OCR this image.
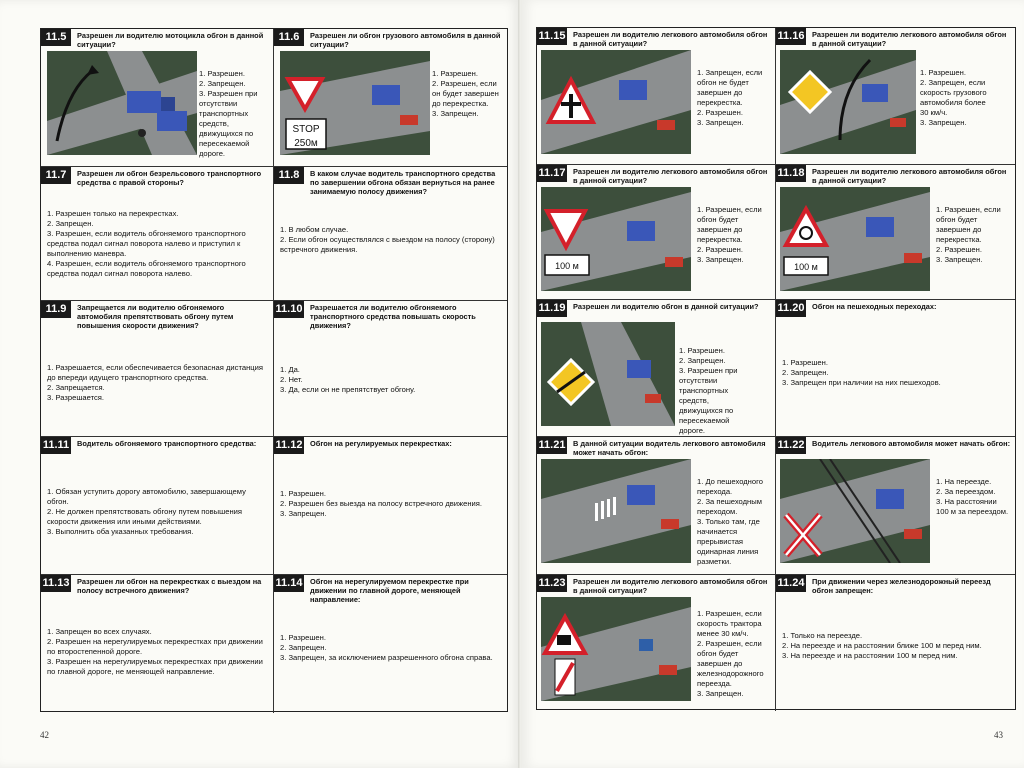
11.5	Разрешен ли водителю мотоцикла обгон в данной ситуации?
1. Разрешен.
2. Запрещен.
3. Разрешен при отсутствии транспортных средств, движущихся по пересекаемой дороге.
11.6	Разрешен ли обгон грузового автомобиля в данной ситуации?
STOP
250м
1. Разрешен.
2. Разрешен, если он будет завершен до перекрестка.
3. Запрещен.
11.7	Разрешен ли обгон безрельсового транспортного средства с правой стороны?
1. Разрешен только на перекрестках.
2. Запрещен.
3. Разрешен, если водитель обгоняемого транспортного средства подал сигнал поворота налево и приступил к выполнению маневра.
4. Разрешен, если водитель обгоняемого транспортного средства подал сигнал поворота налево.
11.8	В каком случае водитель транспортного средства по завершении обгона обязан вернуться на ранее занимаемую полосу движения?
1. В любом случае.
2. Если обгон осуществлялся с выездом на полосу (сторону) встречного движения.
11.9	Запрещается ли водителю обгоняемого автомобиля препятствовать обгону путем повышения скорости движения?
1. Разрешается, если обеспечивается безопасная дистанция до впереди идущего транспортного средства.
2. Запрещается.
3. Разрешается.
11.10 Разрешается ли водителю обгоняемого транспортного средства повышать скорость движения?
1. Да.
2. Нет.
3. Да, если он не препятствует обгону.
11.11 Водитель обгоняемого транспортного средства:
1. Обязан уступить дорогу автомобилю, завершающему обгон.
2. Не должен препятствовать обгону путем повышения скорости движения или иными действиями.
3. Выполнить оба указанных требования.
11.12 Обгон на регулируемых перекрестках:
1. Разрешен.
2. Разрешен без выезда на полосу встречного движения.
3. Запрещен.
11.13 Разрешен ли обгон на перекрестках с выездом на полосу встречного движения?
1. Запрещен во всех случаях.
2. Разрешен на нерегулируемых перекрестках при движении по второстепенной дороге.
3. Разрешен на нерегулируемых перекрестках при движении по главной дороге, не меняющей направление.
11.14 Обгон на нерегулируемом перекрестке при движении по главной дороге, меняющей направление:
1. Разрешен.
2. Запрещен.
3. Запрещен, за исключением разрешенного обгона справа.
42
11.15 Разрешен ли водителю легкового автомобиля обгон в данной ситуации?
1. Запрещен, если обгон не будет завершен до перекрестка.
2. Разрешен.
3. Запрещен.
11.16 Разрешен ли водителю легкового автомобиля обгон в данной ситуации?
1. Разрешен.
2. Запрещен, если скорость грузового автомобиля более 30 км/ч.
3. Запрещен.
11.17 Разрешен ли водителю легкового автомобиля обгон в данной ситуации?
100 м
1. Разрешен, если обгон будет завершен до перекрестка.
2. Разрешен.
3. Запрещен.
11.18 Разрешен ли водителю легкового автомобиля обгон в данной ситуации?
100 м
1. Разрешен, если обгон будет завершен до перекрестка.
2. Разрешен.
3. Запрещен.
11.19 Разрешен ли водителю обгон в данной ситуации?
1. Разрешен.
2. Запрещен.
3. Разрешен при отсутствии транспортных средств, движущихся по пересекаемой дороге.
11.20 Обгон на пешеходных переходах:
1. Разрешен.
2. Запрещен.
3. Запрещен при наличии на них пешеходов.
11.21 В данной ситуации водитель легкового автомобиля может начать обгон:
1. До пешеходного перехода.
2. За пешеходным переходом.
3. Только там, где начинается прерывистая одинарная линия разметки.
11.22 Водитель легкового автомобиля может начать обгон:
1. На переезде.
2. За переездом.
3. На расстоянии 100 м за переездом.
11.23 Разрешен ли водителю легкового автомобиля обгон в данной ситуации?
1. Разрешен, если скорость трактора менее 30 км/ч.
2. Разрешен, если обгон будет завершен до железнодорожного переезда.
3. Запрещен.
11.24 При движении через железнодорожный переезд обгон запрещен:
1. Только на переезде.
2. На переезде и на расстоянии ближе 100 м перед ним.
3. На переезде и на расстоянии 100 м перед ним.
43
